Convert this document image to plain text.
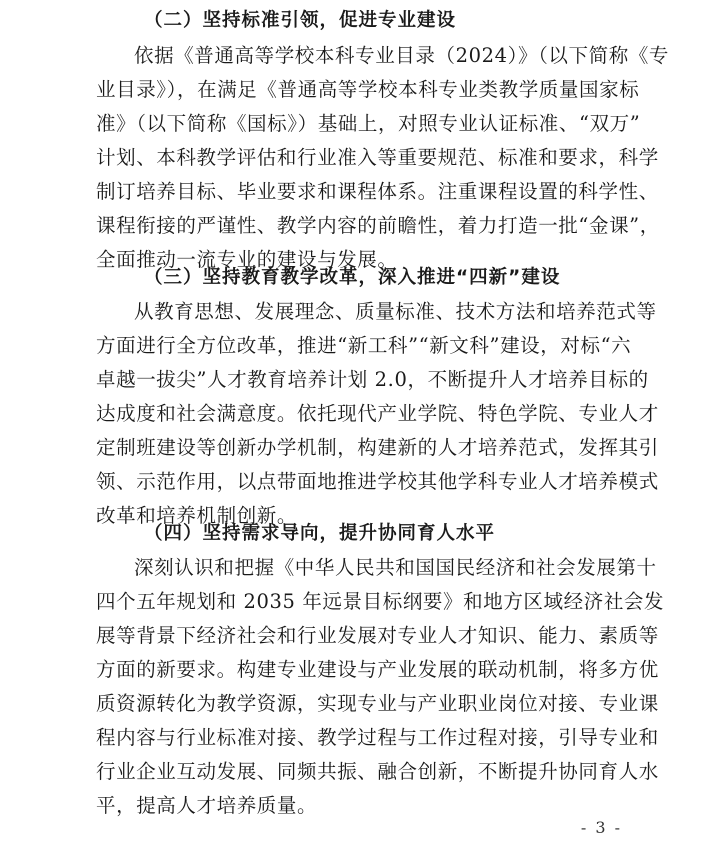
（二）坚持标准引领，促进专业建设
依据《普通高等学校本科专业目录（2024）》（以下简称《专
业目录》），在满足《普通高等学校本科专业类教学质量国家标
准》（以下简称《国标》）基础上，对照专业认证标准、“双万”
计划、本科教学评估和行业准入等重要规范、标准和要求，科学
制订培养目标、毕业要求和课程体系。注重课程设置的科学性、
课程衔接的严谨性、教学内容的前瞻性，着力打造一批“金课”，
全面推动一流专业的建设与发展。
（三）坚持教育教学改革，深入推进“四新”建设
从教育思想、发展理念、质量标准、技术方法和培养范式等
方面进行全方位改革，推进“新工科”“新文科”建设，对标“六
卓越一拔尖”人才教育培养计划 2.0，不断提升人才培养目标的
达成度和社会满意度。依托现代产业学院、特色学院、专业人才
定制班建设等创新办学机制，构建新的人才培养范式，发挥其引
领、示范作用，以点带面地推进学校其他学科专业人才培养模式
改革和培养机制创新。
（四）坚持需求导向，提升协同育人水平
深刻认识和把握《中华人民共和国国民经济和社会发展第十
四个五年规划和 2035 年远景目标纲要》和地方区域经济社会发
展等背景下经济社会和行业发展对专业人才知识、能力、素质等
方面的新要求。构建专业建设与产业发展的联动机制，将多方优
质资源转化为教学资源，实现专业与产业职业岗位对接、专业课
程内容与行业标准对接、教学过程与工作过程对接，引导专业和
行业企业互动发展、同频共振、融合创新，不断提升协同育人水
平，提高人才培养质量。
- 3 -
